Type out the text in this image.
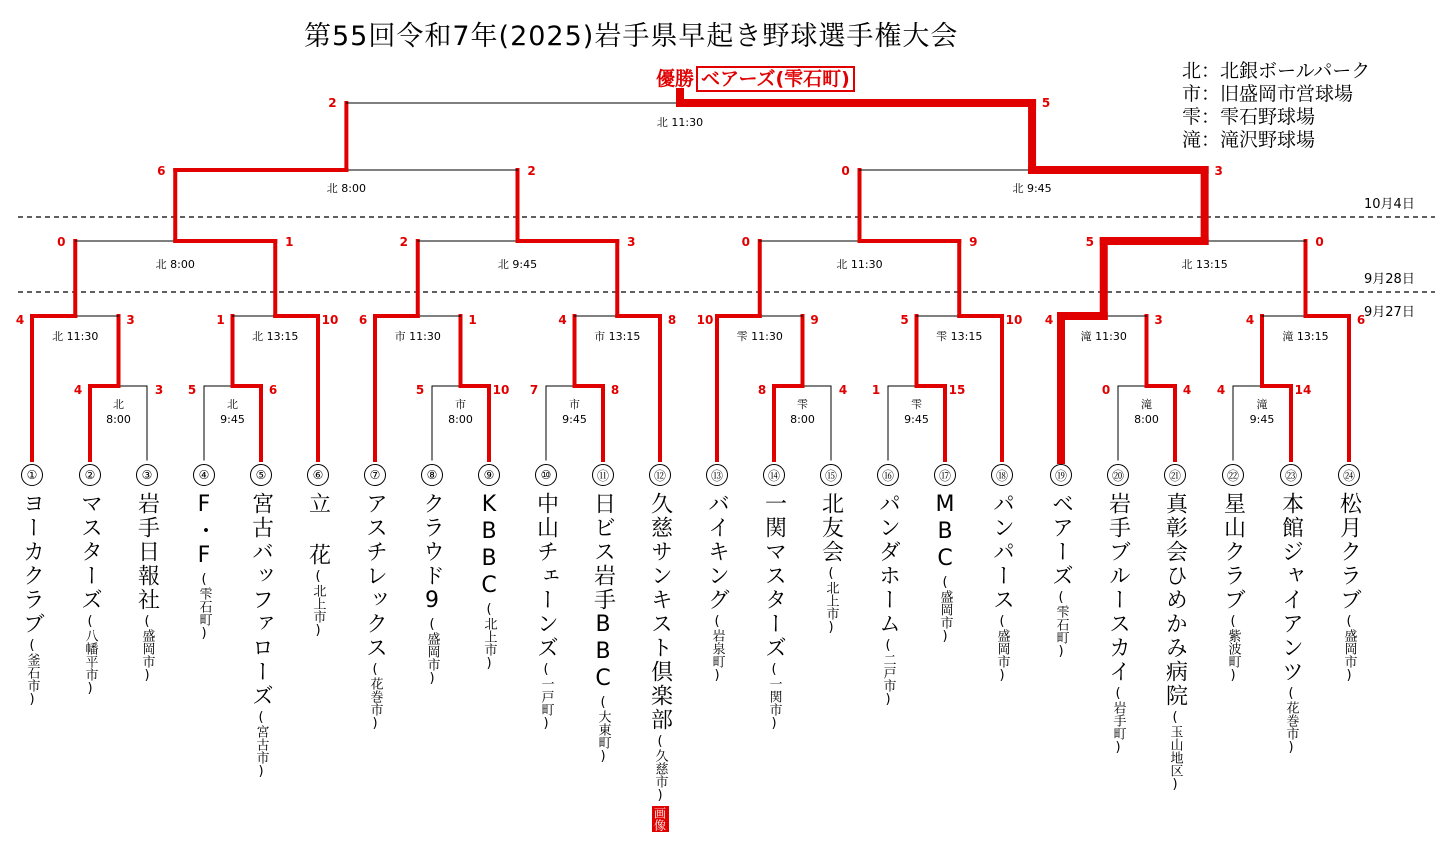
第55回令和7年(2025)岩手県早起き野球選手権大会
優勝 ベアーズ(雫石町)	北：北銀ボールパーク
市：旧盛岡市営球場
雫：雫石野球場
滝：滝沢野球場
10月4日
9月28日
9月27日
4	3
北
8:00
5	6
北
9:45
5	10
市
8:00
7	8
市
9:45
8	4
雫
8:00
1	15
雫
9:45
0	4
滝
8:00
4	14
滝
9:45
4	3
北 11:30
1	10
北 13:15
6	1
市 11:30
4	8
市 13:15
10	9
雫 11:30
5	10
雫 13:15
4	3
滝 11:30
4	6
滝 13:15
0	1
北 8:00
2	3
北 9:45
0	9
北 11:30
5	0
北 13:15
6	2
北 8:00
0	3
北 9:45
2	5
北 11:30
①
ヨーカクラブ
(釜石市)
②
マスターズ
(八幡平市)
③
岩手日報社
(盛岡市)
④
F・F
(雫石町)
⑤
宮古バッファローズ
(宮古市)
⑥
立 花
(北上市)
⑦
アスチレックス
(花巻市)
⑧
クラウド9
(盛岡市)
⑨
KBBC
(北上市)
⑩
中山チェーンズ
(一戸町)
⑪
日ビス岩手BBC
(大東町)
⑫
久慈サンキスト倶楽部
(久慈市)
画像
⑬
バイキング
(岩泉町)
⑭
一関マスターズ
(一関市)
⑮
北友会
(北上市)
⑯
パンダホーム
(二戸市)
⑰
MBC
(盛岡市)
⑱
パンパース
(盛岡市)
⑲
ベアーズ
(雫石町)
⑳
岩手ブルースカイ
(岩手町)
㉑
真彰会ひめかみ病院
(玉山地区)
㉒
星山クラブ
(紫波町)
㉓
本館ジャイアンツ
(花巻市)
㉔
松月クラブ
(盛岡市)
